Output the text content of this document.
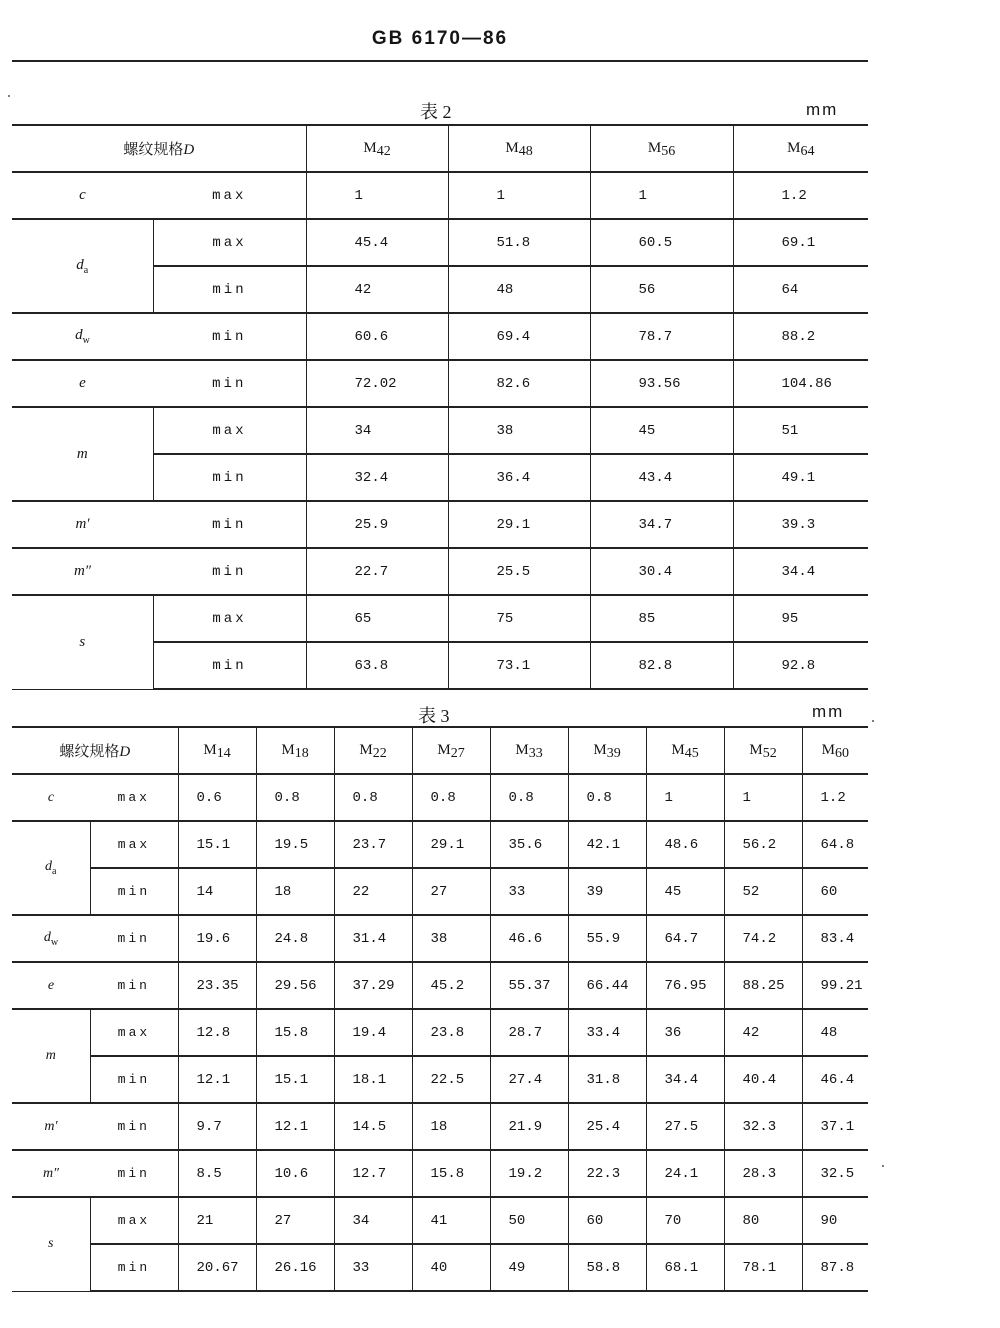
GB 6170—86
表 2	mm
螺纹规格D		M42	M48	M56	M64
c	max	1	1	1	1.2
$d_a$	max	45.4	51.8	60.5	69.1
	min	42	48	56	64
$d_w$	min	60.6	69.4	78.7	88.2
e	min	72.02	82.6	93.56	104.86
m	max	34	38	45	51
	min	32.4	36.4	43.4	49.1
m′	min	25.9	29.1	34.7	39.3
m″	min	22.7	25.5	30.4	34.4
s	max	65	75	85	95
	min	63.8	73.1	82.8	92.8
表 3	mm
螺纹规格D		M14	M18	M22	M27	M33	M39	M45	M52	M60
c	max	0.6	0.8	0.8	0.8	0.8	0.8	1	1	1.2
$d_a$	max	15.1	19.5	23.7	29.1	35.6	42.1	48.6	56.2	64.8
	min	14	18	22	27	33	39	45	52	60
$d_w$	min	19.6	24.8	31.4	38	46.6	55.9	64.7	74.2	83.4
e	min	23.35	29.56	37.29	45.2	55.37	66.44	76.95	88.25	99.21
m	max	12.8	15.8	19.4	23.8	28.7	33.4	36	42	48
	min	12.1	15.1	18.1	22.5	27.4	31.8	34.4	40.4	46.4
m′	min	9.7	12.1	14.5	18	21.9	25.4	27.5	32.3	37.1
m″	min	8.5	10.6	12.7	15.8	19.2	22.3	24.1	28.3	32.5
s	max	21	27	34	41	50	60	70	80	90
	min	20.67	26.16	33	40	49	58.8	68.1	78.1	87.8
